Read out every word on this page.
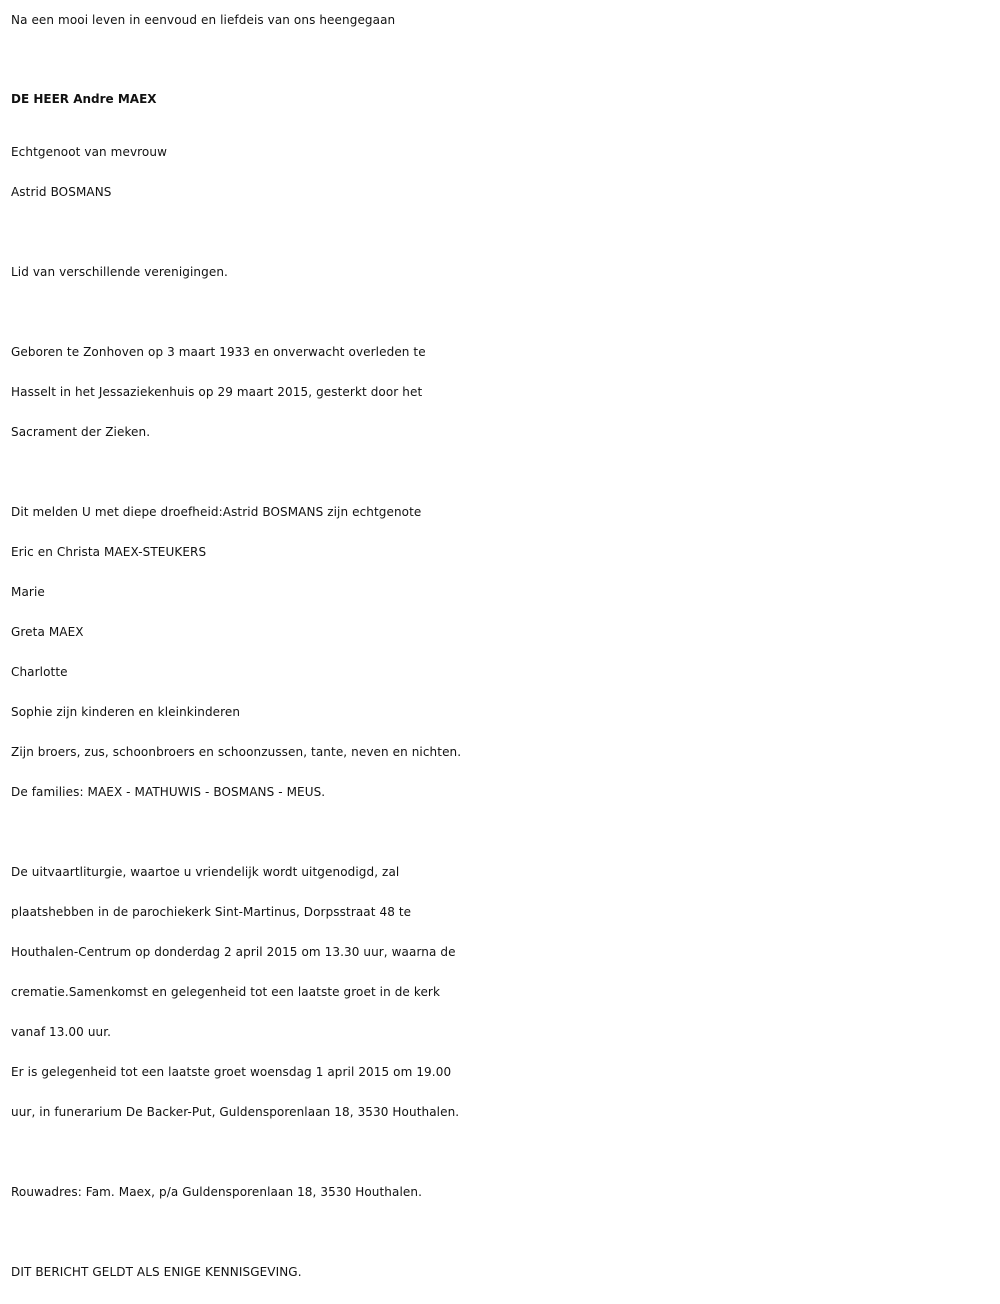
Na een mooi leven in eenvoud en liefdeis van ons heengegaan
DE HEER Andre MAEX
Echtgenoot van mevrouw
Astrid BOSMANS
Lid van verschillende verenigingen.
Geboren te Zonhoven op 3 maart 1933 en onverwacht overleden te
Hasselt in het Jessaziekenhuis op 29 maart 2015, gesterkt door het
Sacrament der Zieken.
Dit melden U met diepe droefheid:Astrid BOSMANS zijn echtgenote
Eric en Christa MAEX-STEUKERS
Marie
Greta MAEX
Charlotte
Sophie zijn kinderen en kleinkinderen
Zijn broers, zus, schoonbroers en schoonzussen, tante, neven en nichten.
De families: MAEX - MATHUWIS - BOSMANS - MEUS.
De uitvaartliturgie, waartoe u vriendelijk wordt uitgenodigd, zal
plaatshebben in de parochiekerk Sint-Martinus, Dorpsstraat 48 te
Houthalen-Centrum op donderdag 2 april 2015 om 13.30 uur, waarna de
crematie.Samenkomst en gelegenheid tot een laatste groet in de kerk
vanaf 13.00 uur.
Er is gelegenheid tot een laatste groet woensdag 1 april 2015 om 19.00
uur, in funerarium De Backer-Put, Guldensporenlaan 18, 3530 Houthalen.
Rouwadres: Fam. Maex, p/a Guldensporenlaan 18, 3530 Houthalen.
DIT BERICHT GELDT ALS ENIGE KENNISGEVING.
